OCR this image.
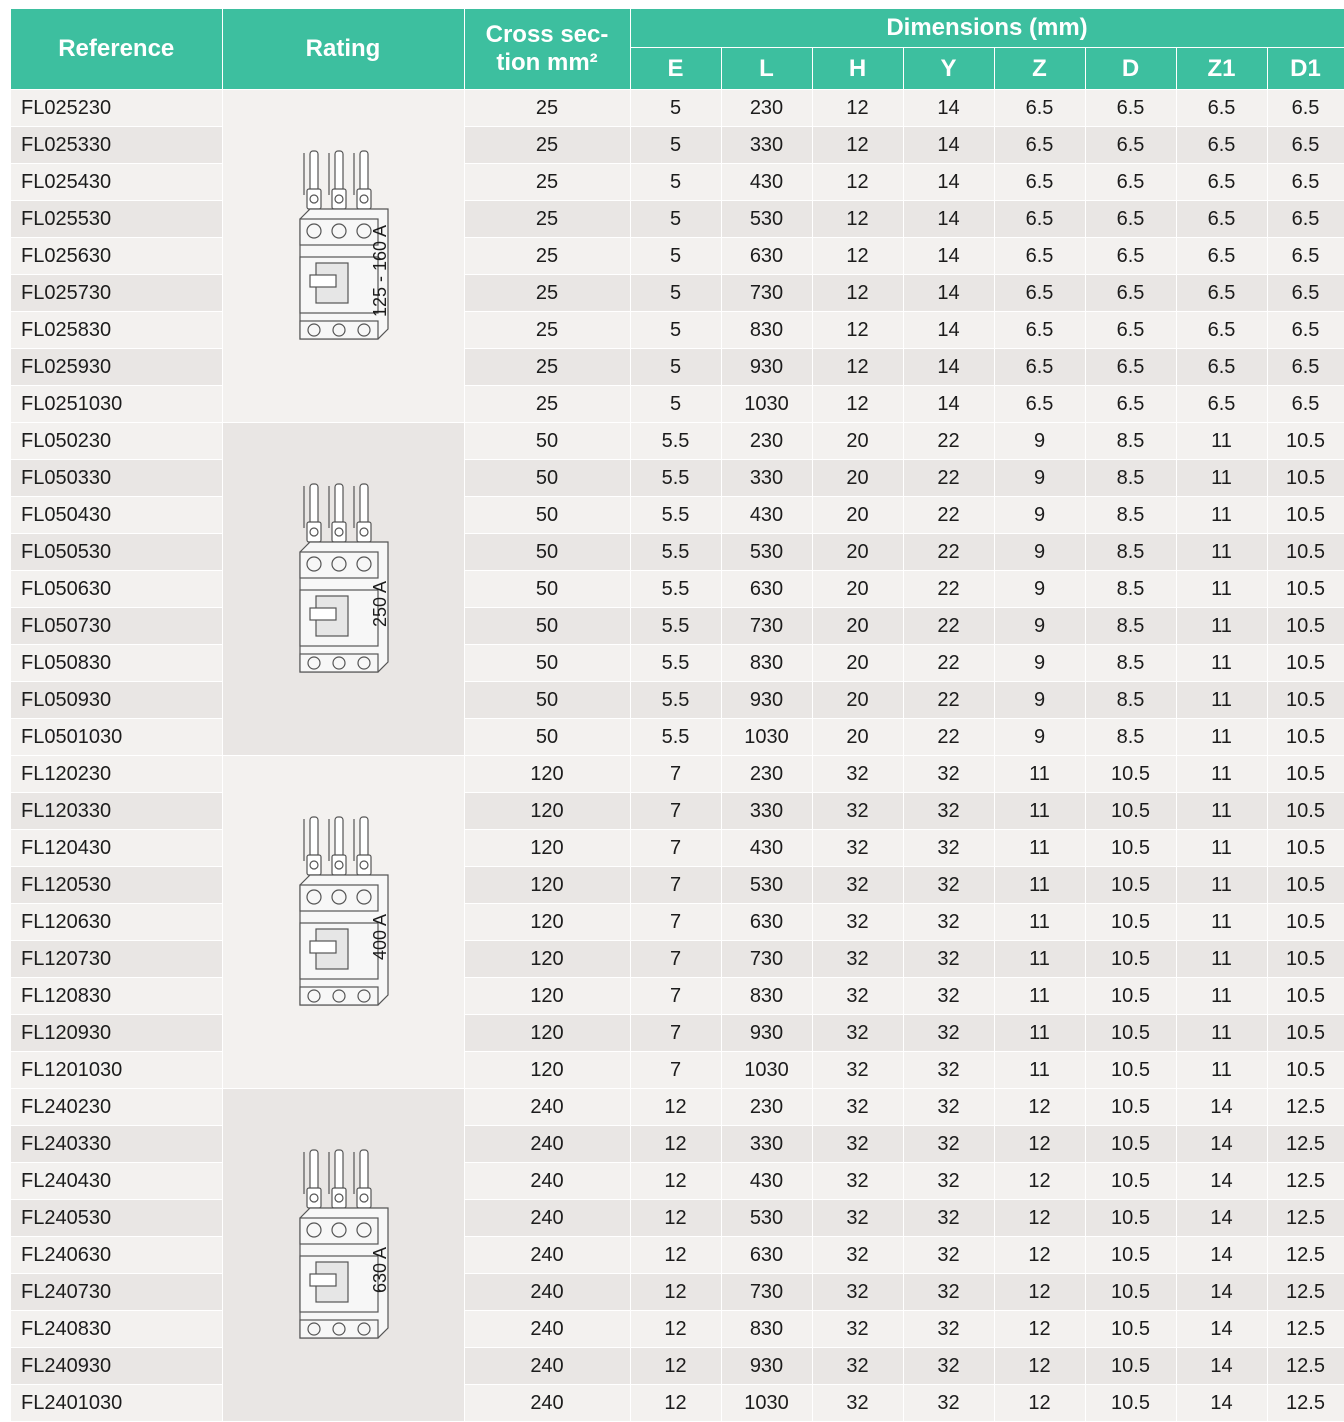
Reference	Rating	Cross sec-
tion mm²	Dimensions (mm)							
			E	L	H	Y	Z	D	Z1	D1
FL025230	125 - 160 A	25	5	230	12	14	6.5	6.5	6.5	6.5
FL025330		25	5	330	12	14	6.5	6.5	6.5	6.5
FL025430		25	5	430	12	14	6.5	6.5	6.5	6.5
FL025530		25	5	530	12	14	6.5	6.5	6.5	6.5
FL025630		25	5	630	12	14	6.5	6.5	6.5	6.5
FL025730		25	5	730	12	14	6.5	6.5	6.5	6.5
FL025830		25	5	830	12	14	6.5	6.5	6.5	6.5
FL025930		25	5	930	12	14	6.5	6.5	6.5	6.5
FL0251030		25	5	1030	12	14	6.5	6.5	6.5	6.5
FL050230	250 A	50	5.5	230	20	22	9	8.5	11	10.5
FL050330		50	5.5	330	20	22	9	8.5	11	10.5
FL050430		50	5.5	430	20	22	9	8.5	11	10.5
FL050530		50	5.5	530	20	22	9	8.5	11	10.5
FL050630		50	5.5	630	20	22	9	8.5	11	10.5
FL050730		50	5.5	730	20	22	9	8.5	11	10.5
FL050830		50	5.5	830	20	22	9	8.5	11	10.5
FL050930		50	5.5	930	20	22	9	8.5	11	10.5
FL0501030		50	5.5	1030	20	22	9	8.5	11	10.5
FL120230	400 A	120	7	230	32	32	11	10.5	11	10.5
FL120330		120	7	330	32	32	11	10.5	11	10.5
FL120430		120	7	430	32	32	11	10.5	11	10.5
FL120530		120	7	530	32	32	11	10.5	11	10.5
FL120630		120	7	630	32	32	11	10.5	11	10.5
FL120730		120	7	730	32	32	11	10.5	11	10.5
FL120830		120	7	830	32	32	11	10.5	11	10.5
FL120930		120	7	930	32	32	11	10.5	11	10.5
FL1201030		120	7	1030	32	32	11	10.5	11	10.5
FL240230	630 A	240	12	230	32	32	12	10.5	14	12.5
FL240330		240	12	330	32	32	12	10.5	14	12.5
FL240430		240	12	430	32	32	12	10.5	14	12.5
FL240530		240	12	530	32	32	12	10.5	14	12.5
FL240630		240	12	630	32	32	12	10.5	14	12.5
FL240730		240	12	730	32	32	12	10.5	14	12.5
FL240830		240	12	830	32	32	12	10.5	14	12.5
FL240930		240	12	930	32	32	12	10.5	14	12.5
FL2401030		240	12	1030	32	32	12	10.5	14	12.5
